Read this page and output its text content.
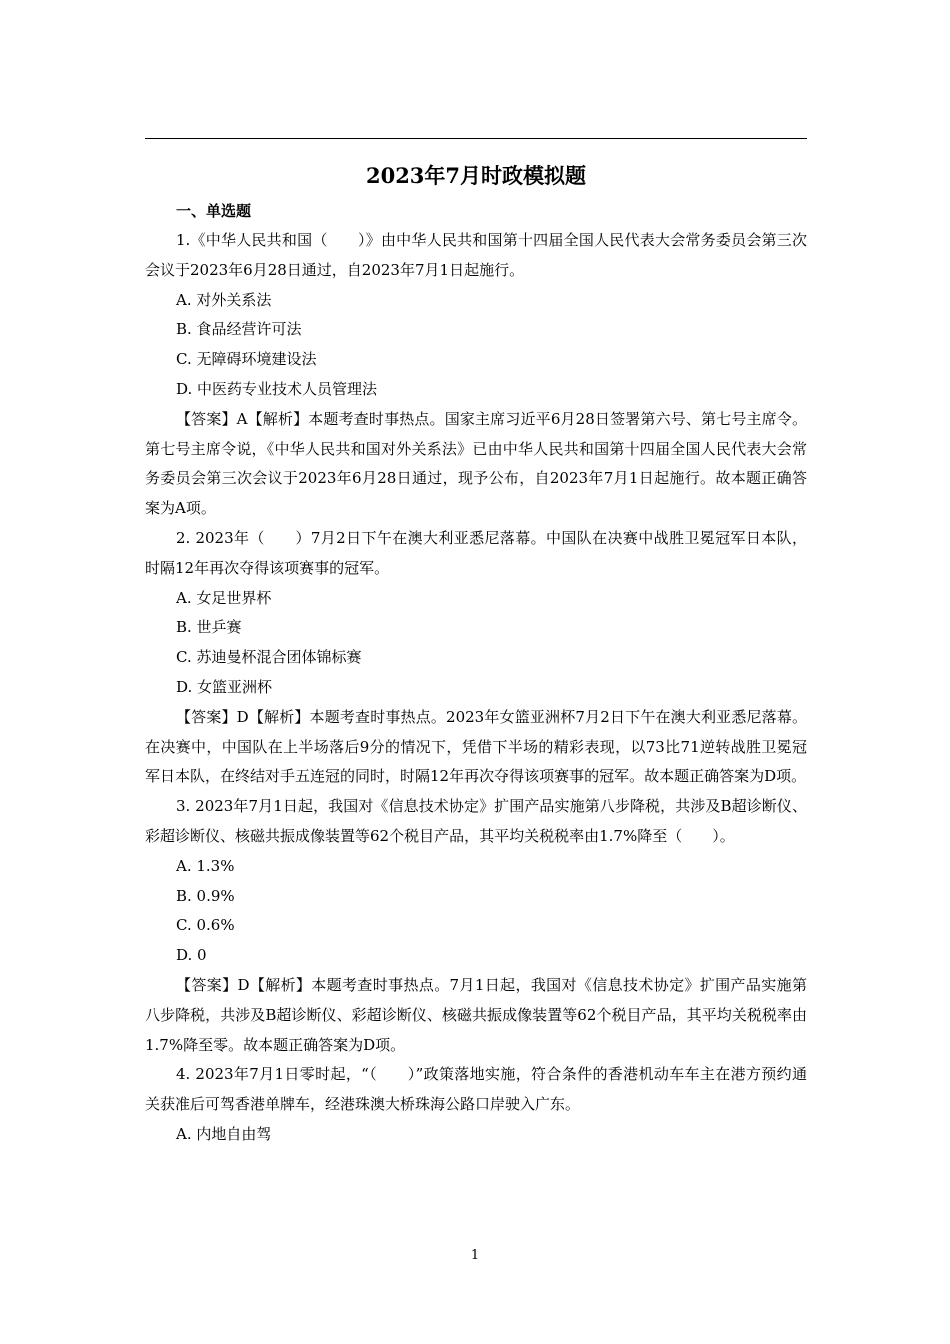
2023年7月时政模拟题
一、单选题

1.《中华人民共和国（　　）》由中华人民共和国第十四届全国人民代表大会常务委员会第三次会议于2023年6月28日通过，自2023年7月1日起施行。

A. 对外关系法

B. 食品经营许可法

C. 无障碍环境建设法

D. 中医药专业技术人员管理法

【答案】A【解析】本题考查时事热点。国家主席习近平6月28日签署第六号、第七号主席令。第七号主席令说，《中华人民共和国对外关系法》已由中华人民共和国第十四届全国人民代表大会常务委员会第三次会议于2023年6月28日通过，现予公布，自2023年7月1日起施行。故本题正确答案为A项。

2. 2023年（　　）7月2日下午在澳大利亚悉尼落幕。中国队在决赛中战胜卫冕冠军日本队，时隔12年再次夺得该项赛事的冠军。

A. 女足世界杯

B. 世乒赛

C. 苏迪曼杯混合团体锦标赛

D. 女篮亚洲杯

【答案】D【解析】本题考查时事热点。2023年女篮亚洲杯7月2日下午在澳大利亚悉尼落幕。在决赛中，中国队在上半场落后9分的情况下，凭借下半场的精彩表现，以73比71逆转战胜卫冕冠军日本队，在终结对手五连冠的同时，时隔12年再次夺得该项赛事的冠军。故本题正确答案为D项。

3. 2023年7月1日起，我国对《信息技术协定》扩围产品实施第八步降税，共涉及B超诊断仪、彩超诊断仪、核磁共振成像装置等62个税目产品，其平均关税税率由1.7%降至（　　）。

A. 1.3%

B. 0.9%

C. 0.6%

D. 0

【答案】D【解析】本题考查时事热点。7月1日起，我国对《信息技术协定》扩围产品实施第八步降税，共涉及B超诊断仪、彩超诊断仪、核磁共振成像装置等62个税目产品，其平均关税税率由1.7%降至零。故本题正确答案为D项。

4. 2023年7月1日零时起，“（　　）”政策落地实施，符合条件的香港机动车车主在港方预约通关获准后可驾香港单牌车，经港珠澳大桥珠海公路口岸驶入广东。

A. 内地自由驾

1
